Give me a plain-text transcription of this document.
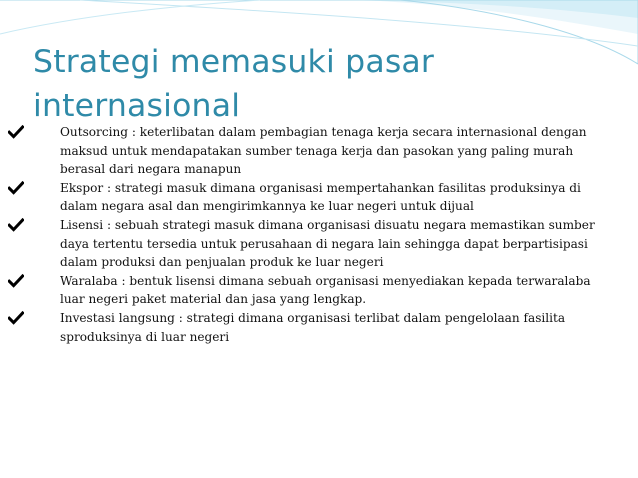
Strategi memasuki pasar
internasional
Outsorcing : keterlibatan dalam pembagian tenaga kerja secara internasional dengan
maksud untuk mendapatakan sumber tenaga kerja dan pasokan yang paling murah
berasal dari negara manapun
Ekspor : strategi masuk dimana organisasi mempertahankan fasilitas produksinya di
dalam negara asal dan mengirimkannya ke luar negeri untuk dijual
Lisensi : sebuah strategi masuk dimana organisasi disuatu negara memastikan sumber
daya tertentu tersedia untuk perusahaan di negara lain sehingga dapat berpartisipasi
dalam produksi dan penjualan produk ke luar negeri
Waralaba : bentuk lisensi dimana sebuah organisasi menyediakan kepada terwaralaba
luar negeri paket material dan jasa yang lengkap.
Investasi langsung : strategi dimana organisasi terlibat dalam pengelolaan fasilita
sproduksinya di luar negeri
